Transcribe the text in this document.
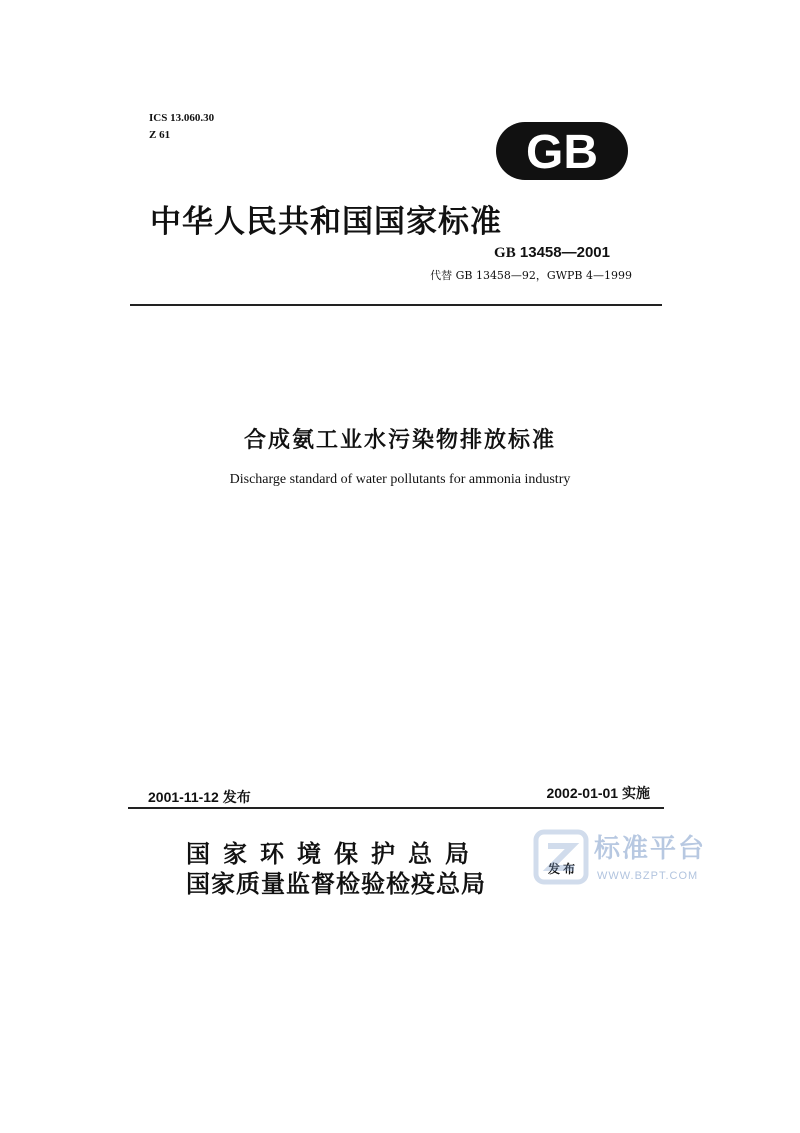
ICS 13.060.30
Z 61	GB
中华人民共和国国家标准
GB 13458—2001
代替 GB 13458—92，GWPB 4—1999
合成氨工业水污染物排放标准
Discharge standard of water pollutants for ammonia industry
2001-11-12 发布	2002-01-01 实施
国家环境保护总局
国家质量监督检验检疫总局	发布
标准平台
WWW.BZPT.COM
